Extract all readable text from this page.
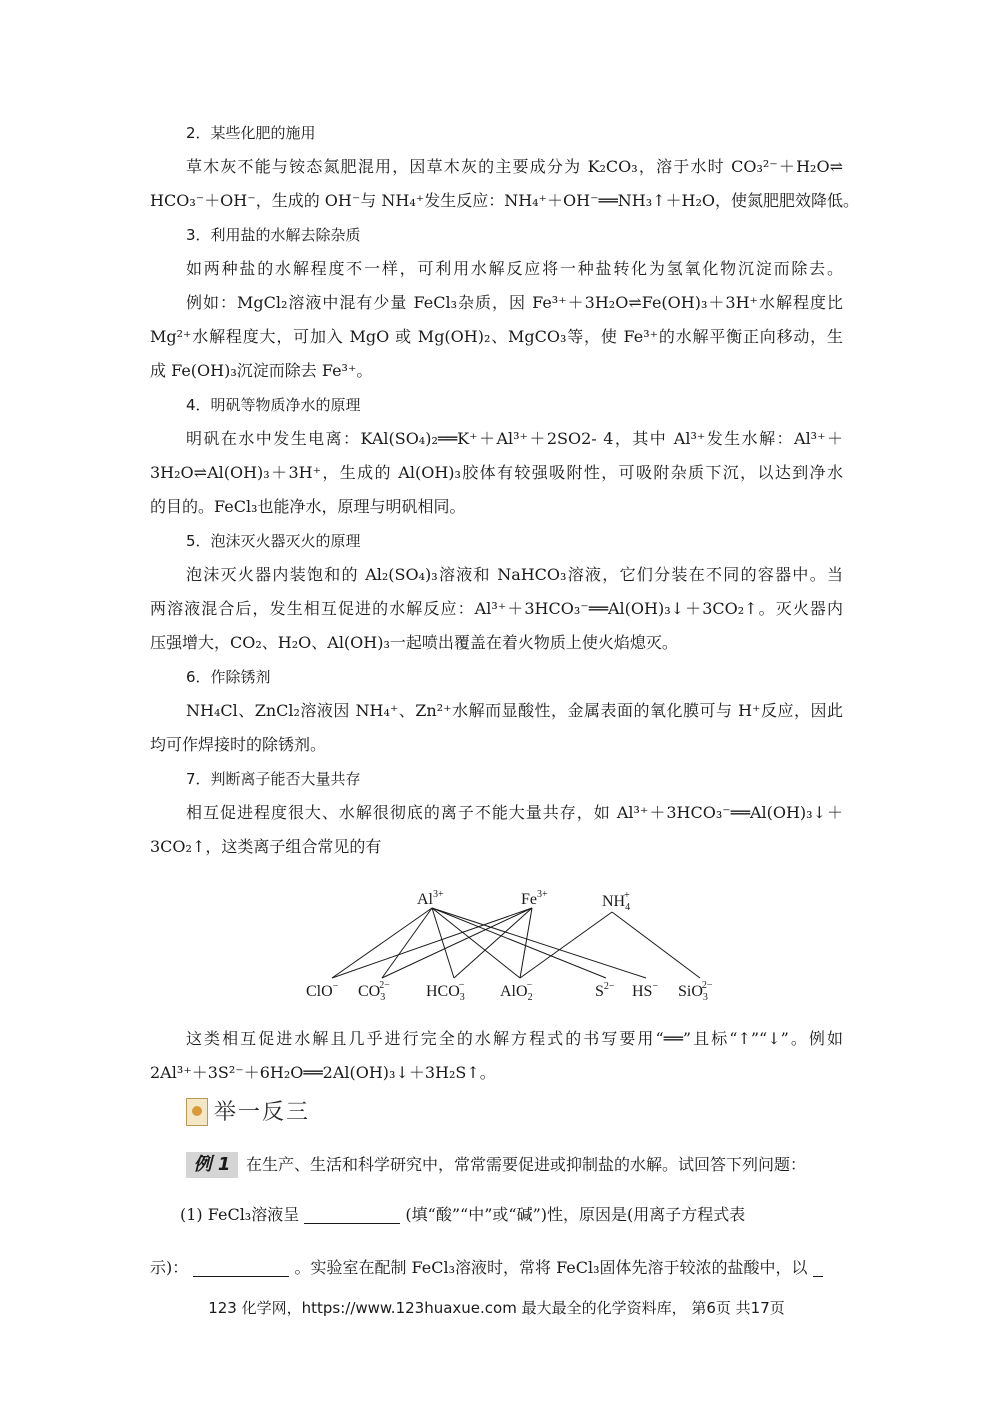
2．某些化肥的施用
草木灰不能与铵态氮肥混用，因草木灰的主要成分为 K₂CO₃，溶于水时 CO₃²⁻＋H₂O⇌
HCO₃⁻＋OH⁻，生成的 OH⁻与 NH₄⁺发生反应：NH₄⁺＋OH⁻══NH₃↑＋H₂O，使氮肥肥效降低。
3．利用盐的水解去除杂质
如两种盐的水解程度不一样，可利用水解反应将一种盐转化为氢氧化物沉淀而除去。
例如：MgCl₂溶液中混有少量 FeCl₃杂质，因 Fe³⁺＋3H₂O⇌Fe(OH)₃＋3H⁺水解程度比
Mg²⁺水解程度大，可加入 MgO 或 Mg(OH)₂、MgCO₃等，使 Fe³⁺的水解平衡正向移动，生
成 Fe(OH)₃沉淀而除去 Fe³⁺。
4．明矾等物质净水的原理
明矾在水中发生电离：KAl(SO₄)₂══K⁺＋Al³⁺＋2SO2- 4，其中 Al³⁺发生水解：Al³⁺＋
3H₂O⇌Al(OH)₃＋3H⁺，生成的 Al(OH)₃胶体有较强吸附性，可吸附杂质下沉，以达到净水
的目的。FeCl₃也能净水，原理与明矾相同。
5．泡沫灭火器灭火的原理
泡沫灭火器内装饱和的 Al₂(SO₄)₃溶液和 NaHCO₃溶液，它们分装在不同的容器中。当
两溶液混合后，发生相互促进的水解反应：Al³⁺＋3HCO₃⁻══Al(OH)₃↓＋3CO₂↑。灭火器内
压强增大，CO₂、H₂O、Al(OH)₃一起喷出覆盖在着火物质上使火焰熄灭。
6．作除锈剂
NH₄Cl、ZnCl₂溶液因 NH₄⁺、Zn²⁺水解而显酸性，金属表面的氧化膜可与 H⁺反应，因此
均可作焊接时的除锈剂。
7．判断离子能否大量共存
相互促进程度很大、水解很彻底的离子不能大量共存，如 Al³⁺＋3HCO₃⁻══Al(OH)₃↓＋
3CO₂↑，这类离子组合常见的有
这类相互促进水解且几乎进行完全的水解方程式的书写要用“══”且标“↑”“↓”。例如
2Al³⁺＋3S²⁻＋6H₂O══2Al(OH)₃↓＋3H₂S↑。
(1) FeCl₃溶液呈	(填“酸”“中”或“碱”)性，原因是(用离子方程式表
示)：	。实验室在配制 FeCl₃溶液时，常将 FeCl₃固体先溶于较浓的盐酸中，以
$Al^{3+}$	$Fe^{3+}$	$NH_4+$
ClO− $CO_32- HCO_3- AlO_2-$	$S^{2-}$ HS− SiO$_3$2−
举一反三
例 1 在生产、生活和科学研究中，常常需要促进或抑制盐的水解。试回答下列问题：
123 化学网，https://www.123huaxue.com 最大最全的化学资料库， 第6页 共17页
